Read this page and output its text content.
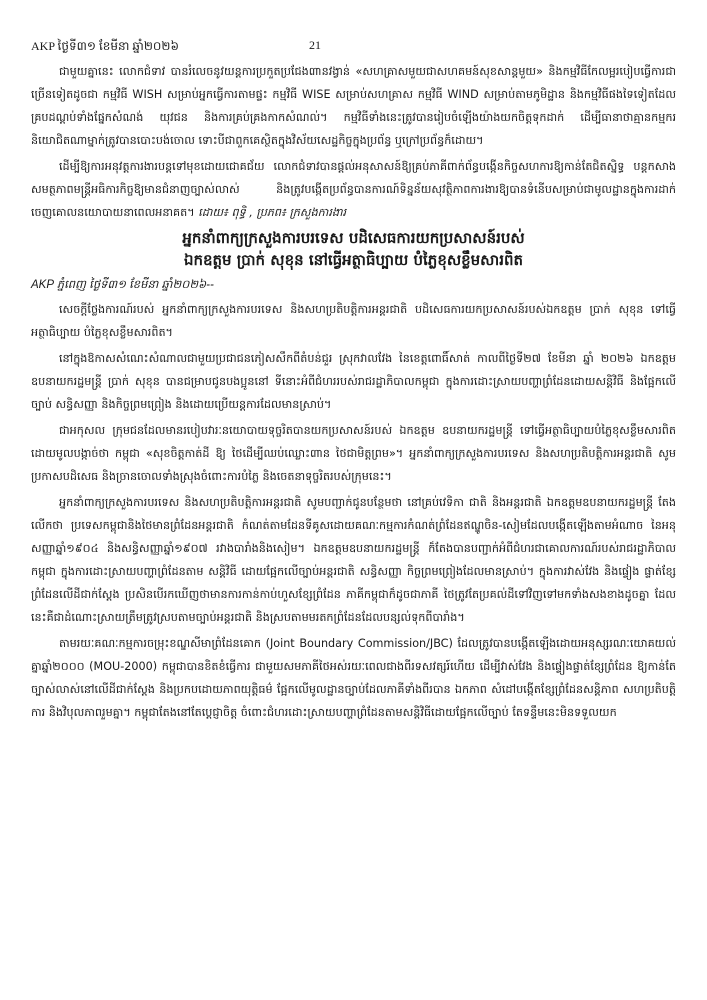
AKP ថ្ងៃទី៣១ ខែមីនា ឆ្នាំ២០២៦	21

ជាមួយគ្នានេះ លោកជំទាវ បានរំលេចនូវយន្តការប្រកួតប្រជែង៣ានវង្វាន់ «សហគ្រាសមួយជាសហគមន៍សុខសាន្តមួយ» និងកម្មវិធីកែលម្អរបៀបធ្វើការជាច្រើនទៀតដូចជា កម្មវិធី WISH សម្រាប់អ្នកធ្វើការតាមផ្ទះ កម្មវិធី WISE សម្រាប់សហគ្រាស កម្មវិធី WIND សម្រាប់តាមភូមិដ្ឋាន និងកម្មវិធីផងទៃទៀតដែលគ្របដណ្តប់ទាំងផ្នែកសំណង់ យុវជន និងការគ្រប់គ្រងកាកសំណល់។ កម្មវិធីទាំងនេះត្រូវបានរៀបចំឡើងយ៉ាងយកចិត្តទុកដាក់ ដើម្បីធានាថាគ្មានកម្មករនិយោជិតណាម្នាក់ត្រូវបានបោះបង់ចោល ទោះបីជាពួកគេស្ថិតក្នុងវិស័យសេដ្ឋកិច្ចក្នុងប្រព័ន្ធ ឬក្រៅប្រព័ន្ធក៏ដោយ។

ដើម្បីឱ្យការអនុវត្តការងារបន្តទៅមុខដោយជោគជ័យ លោកជំទាវបានផ្តល់អនុសាសន៍ឱ្យគ្រប់ភាគីពាក់ព័ន្ធបង្កើនកិច្ចសហការឱ្យកាន់តែជិតស្និទ្ធ បន្តកសាងសមត្ថភាពមន្ត្រីអធិការកិច្ចឱ្យមានជំនាញច្បាស់លាស់ និងត្រូវបង្កើតប្រព័ន្ធបានការណ៍ទិន្នន័យសុវត្ថិភាពការងារឱ្យបានទំនើបសម្រាប់ជាមូលដ្ឋានក្នុងការដាក់ចេញគោលនយោបាយនាពេលអនាគត។ ដោយ៖ ពុទ្ធិ , ប្រភព៖ ក្រសួងការងារ

អ្នកនាំពាក្យក្រសួងការបរទេស បដិសេធការយកប្រសាសន៍របស់
ឯកឧត្តម ប្រាក់ សុខុន នៅធ្វើអត្ថាធិប្បាយ បំភ្លៃខុសខ្លឹមសារពិត
AKP ភ្នំពេញ ថ្ងៃទី៣១ ខែមីនា ឆ្នាំ២០២៦--

សេចក្តីថ្លែងការណ៍របស់ អ្នកនាំពាក្យក្រសួងការបរទេស និងសហប្រតិបត្តិការអន្តរជាតិ បដិសេធការយកប្រសាសន៍របស់ឯកឧត្តម ប្រាក់ សុខុន ទៅធ្វើអត្ថាធិប្បាយ បំភ្លៃខុសខ្លឹមសារពិត។

នៅក្នុងឱកាសសំណេះសំណាលជាមួយប្រជាជនភៀសសឹកពីតំបន់ជួរ ស្រុកវាលវែង នៃខេត្តពោធិ៍សាត់ កាលពីថ្ងៃទី២៧ ខែមីនា ឆ្នាំ ២០២៦ ឯកឧត្តមឧបនាយករដ្ឋមន្ត្រី ប្រាក់ សុខុន បានជម្រាបជូនបងប្អូននៅ ទីនោះអំពីជំហររបស់រាជរដ្ឋាភិបាលកម្ពុជា ក្នុងការដោះស្រាយបញ្ហាព្រំដែនដោយសន្តិវិធី និងផ្អែកលើច្បាប់ សន្ធិសញ្ញា និងកិច្ចព្រមព្រៀង និងដោយប្រើយន្តការដែលមានស្រាប់។

ជាអកុសល ក្រុមជនដែលមានរបៀបវារៈនយោបាយទុច្ចរិតបានយកប្រសាសន៍របស់ ឯកឧត្តម ឧបនាយករដ្ឋមន្ត្រី ទៅធ្វើអត្ថាធិប្បាយបំភ្លៃខុសខ្លឹមសារពិត ដោយមូលបង្កាច់ថា កម្ពុជា «សុខចិត្តកាត់ដី ឱ្យ ថៃដើម្បីឈប់ឈ្លោះ៣ាន ថៃជាមិត្តព្រម»។ អ្នកនាំពាក្យក្រសួងការបរទេស និងសហប្រតិបត្តិការអន្តរជាតិ សូម ប្រកាសបដិសេធ និងច្រានចោលទាំងស្រុងចំពោះការបំភ្លៃ និងចេតនាទុច្ចរិតរបស់ក្រុមនេះ។

អ្នកនាំពាក្យក្រសួងការបរទេស និងសហប្រតិបត្តិការអន្តរជាតិ សូមបញ្ជាក់ជូនបន្ថែមថា នៅគ្រប់វេទិកា ជាតិ និងអន្តរជាតិ ឯកឧត្តមឧបនាយករដ្ឋមន្ត្រី តែងលើកថា ប្រទេសកម្ពុជានិងថៃមានព្រំដែនអន្តរជាតិ កំណត់តាមដែនទីគូសដោយគណៈកម្មការកំណត់ព្រំដែនឥណ្ឌូចិន-សៀមដែលបង្កើតឡើងតាមអំណាច នៃអនុសញ្ញាឆ្នាំ១៩០៤ និងសន្ធិសញ្ញាឆ្នាំ១៩០៧ រវាងបារាំងនិងសៀម។ ឯកឧត្តមឧបនាយករដ្ឋមន្ត្រី ក៏តែងបានបញ្ជាក់អំពីជំហរជាគោលការណ៍របស់រាជរដ្ឋាភិបាលកម្ពុជា ក្នុងការដោះស្រាយបញ្ហាព្រំដែនតាម សន្តិវិធី ដោយផ្អែកលើច្បាប់អន្តរជាតិ សន្ធិសញ្ញា កិច្ចព្រមព្រៀងដែលមានស្រាប់។ ក្នុងការវាស់វែង និងផ្ទៀង ផ្ទាត់ខ្សែព្រំដែនលើដីជាក់ស្តែង ប្រសិនបើរកឃើញថាមានការកាន់កាប់ហួសខ្សែព្រំដែន ភាគីកម្ពុជាក៏ដូចជាភាគី ថៃត្រូវតែប្រគល់ដីទៅវិញទៅមកទាំងសងខាងដូចគ្នា ដែលនេះគឺជាដំណោះស្រាយត្រឹមត្រូវស្របតាមច្បាប់អន្តរជាតិ និងស្របតាមមរតកព្រំដែនដែលបន្សល់ទុកពីបារាំង។

តាមរយៈគណៈកម្មការចម្រុះខណ្ឌសីមាព្រំដែនគោក (Joint Boundary Commission/JBC) ដែលត្រូវបានបង្កើតឡើងដោយអនុស្សរណៈយោគយល់គ្នាឆ្នាំ២០០០ (MOU-2000) កម្ពុជាបានខិតខំធ្វើការ ជាមួយសមភាគីថៃអស់រយៈពេលជាងពីរទសវត្សរ៍ហើយ ដើម្បីវាស់វែង និងផ្ទៀងផ្ទាត់ខ្សែព្រំដែន ឱ្យកាន់តែ ច្បាស់លាស់នៅលើដីជាក់ស្តែង និងប្រកបដោយភាពយុត្តិធម៌ ផ្អែកលើមូលដ្ឋានច្បាប់ដែលភាគីទាំងពីរបាន ឯកភាព សំដៅបង្កើតខ្សែព្រំដែនសន្តិភាព សហប្រតិបត្តិការ និងវិបុលភាពរួមគ្នា។ កម្ពុជាតែងនៅតែប្តេជ្ញាចិត្ត ចំពោះជំហរដោះស្រាយបញ្ហាព្រំដែនតាមសន្តិវិធីដោយផ្អែកលើច្បាប់ តែទន្ទឹមនេះមិនទទួលយក
